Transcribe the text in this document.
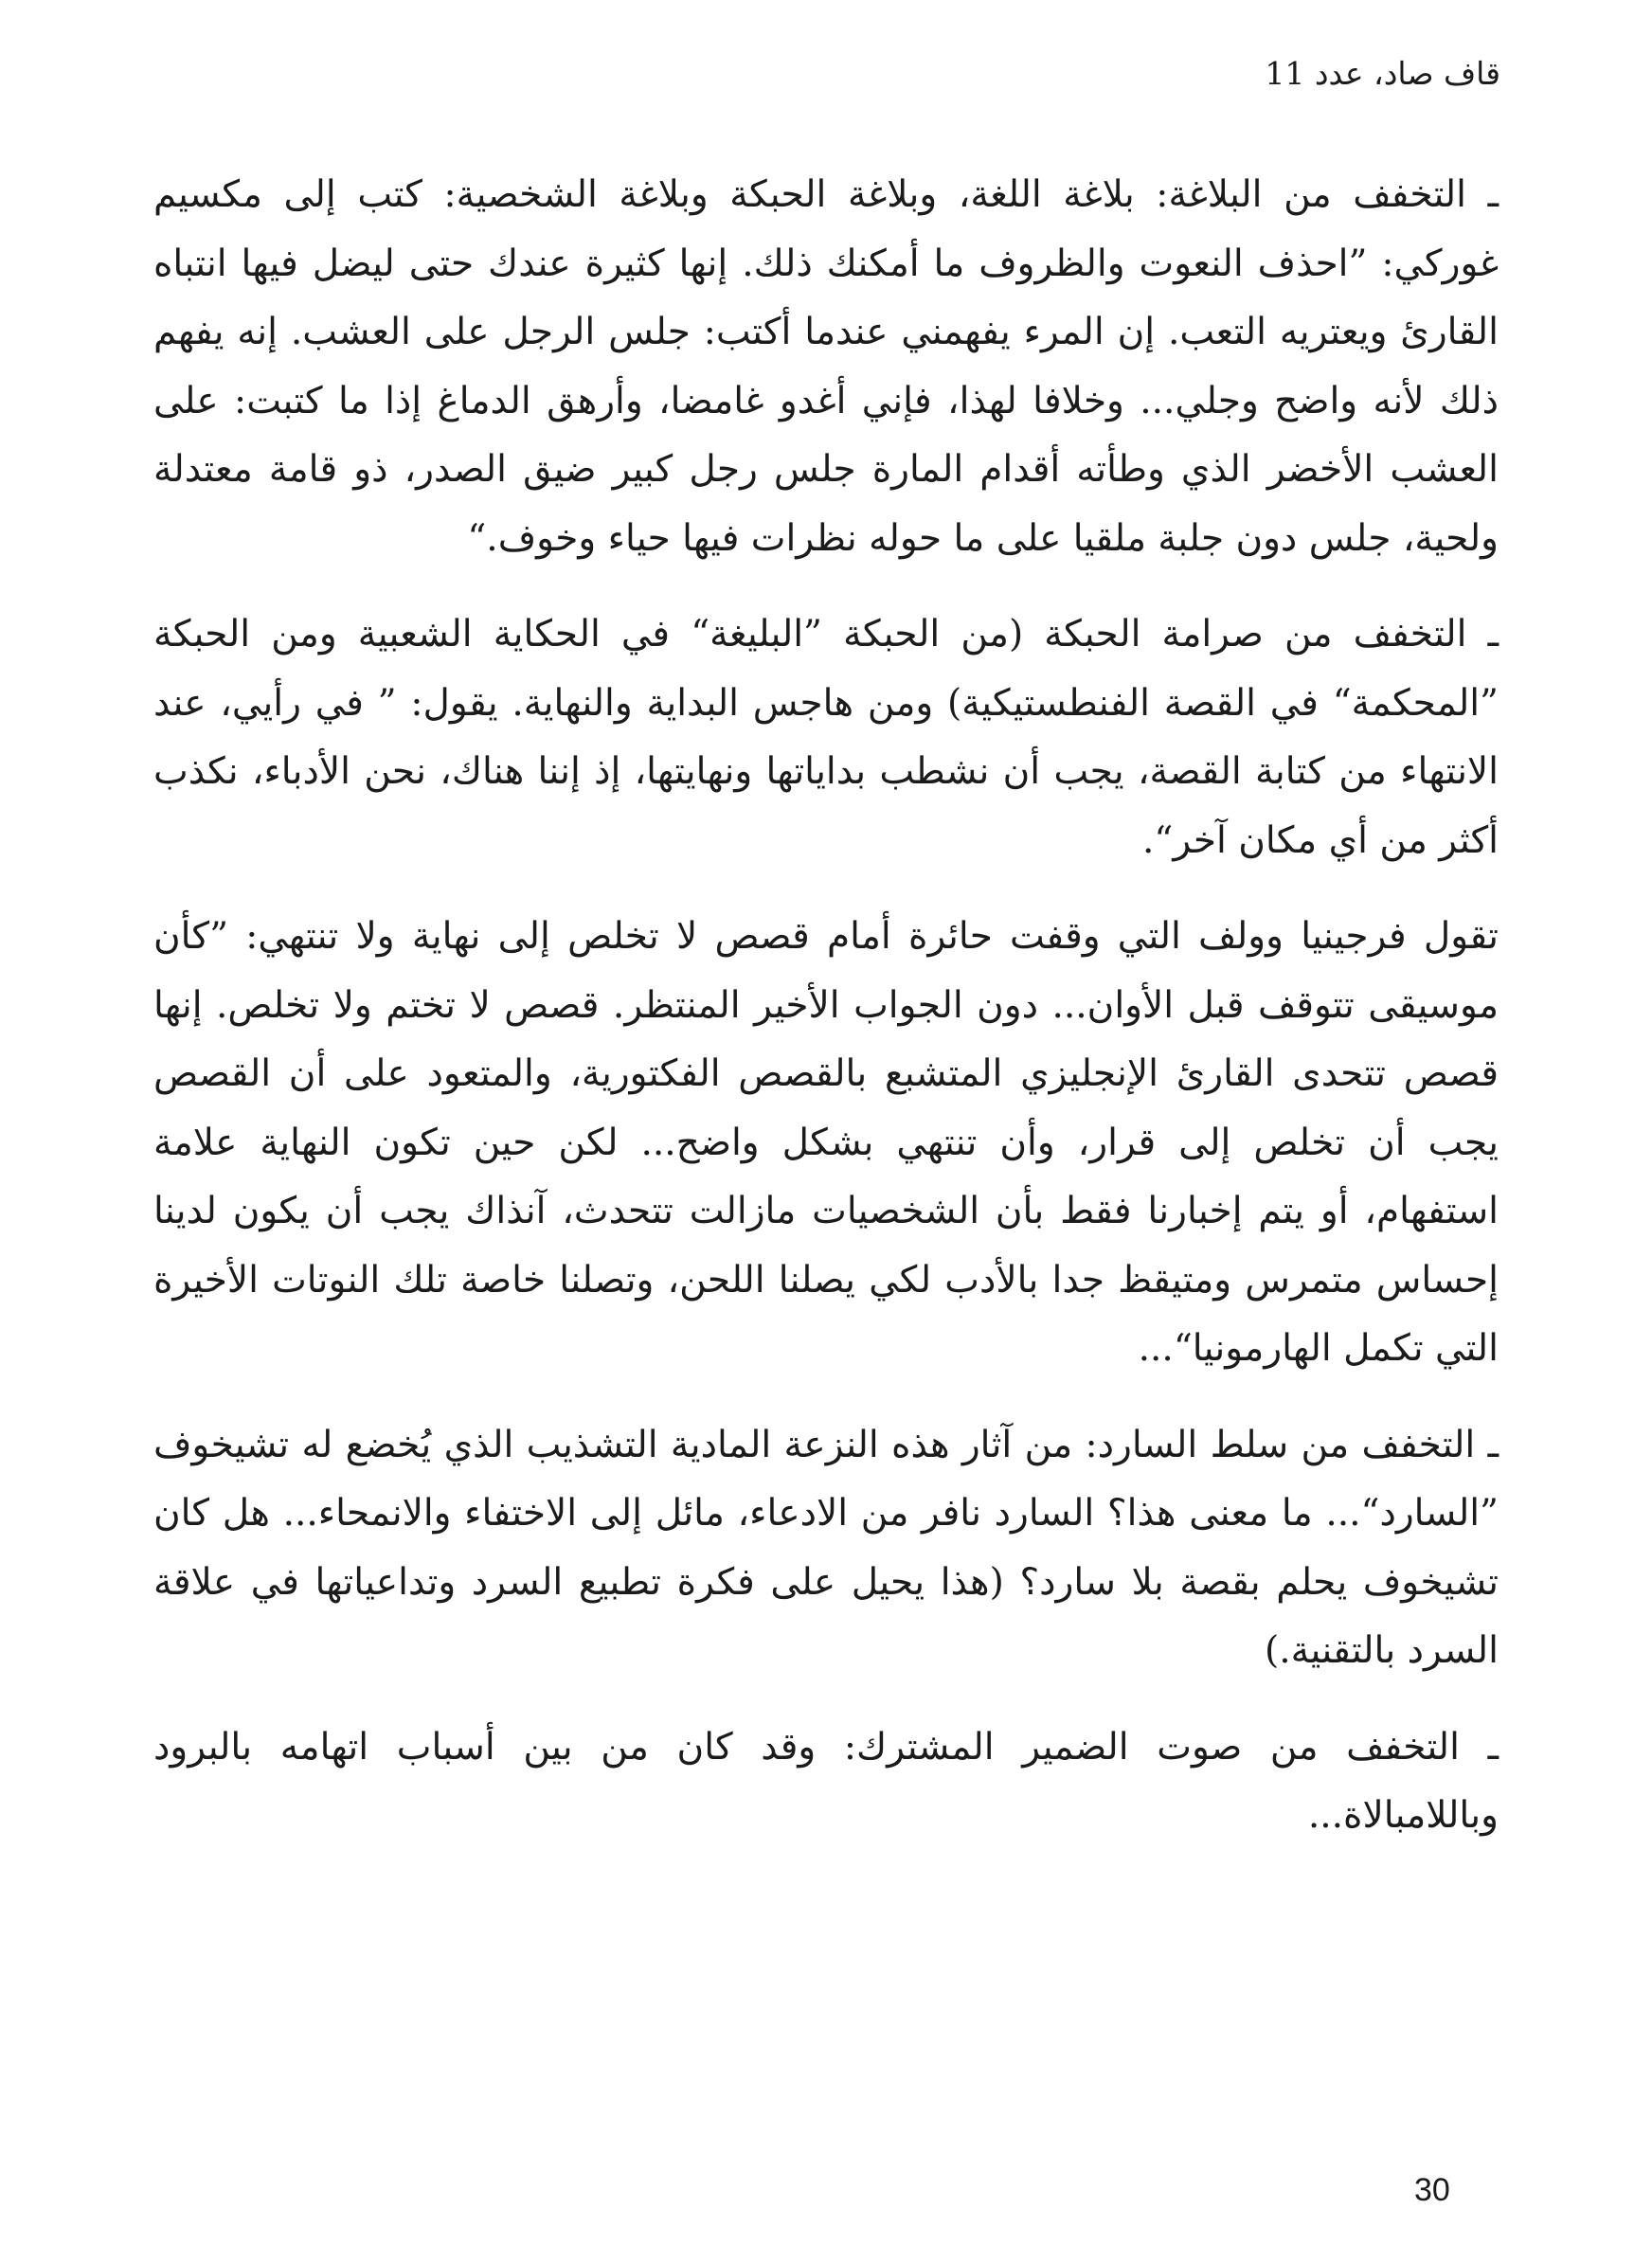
قاف صاد، عدد 11

ـ التخفف من البلاغة: بلاغة اللغة، وبلاغة الحبكة وبلاغة الشخصية: كتب إلى مكسيم غوركي: ”احذف النعوت والظروف ما أمكنك ذلك. إنها كثيرة عندك حتى ليضل فيها انتباه القارئ ويعتريه التعب. إن المرء يفهمني عندما أكتب: جلس الرجل على العشب. إنه يفهم ذلك لأنه واضح وجلي... وخلافا لهذا، فإني أغدو غامضا، وأرهق الدماغ إذا ما كتبت: على العشب الأخضر الذي وطأته أقدام المارة جلس رجل كبير ضيق الصدر، ذو قامة معتدلة ولحية، جلس دون جلبة ملقيا على ما حوله نظرات فيها حياء وخوف.“

ـ التخفف من صرامة الحبكة (من الحبكة ”البليغة“ في الحكاية الشعبية ومن الحبكة ”المحكمة“ في القصة الفنطستيكية) ومن هاجس البداية والنهاية. يقول: ” في رأيي، عند الانتهاء من كتابة القصة، يجب أن نشطب بداياتها ونهايتها، إذ إننا هناك، نحن الأدباء، نكذب أكثر من أي مكان آخر“.

تقول فرجينيا وولف التي وقفت حائرة أمام قصص لا تخلص إلى نهاية ولا تنتهي: ”كأن موسيقى تتوقف قبل الأوان... دون الجواب الأخير المنتظر. قصص لا تختم ولا تخلص. إنها قصص تتحدى القارئ الإنجليزي المتشبع بالقصص الفكتورية، والمتعود على أن القصص يجب أن تخلص إلى قرار، وأن تنتهي بشكل واضح... لكن حين تكون النهاية علامة استفهام، أو يتم إخبارنا فقط بأن الشخصيات مازالت تتحدث، آنذاك يجب أن يكون لدينا إحساس متمرس ومتيقظ جدا بالأدب لكي يصلنا اللحن، وتصلنا خاصة تلك النوتات الأخيرة التي تكمل الهارمونيا“...

ـ التخفف من سلط السارد: من آثار هذه النزعة المادية التشذيب الذي يُخضع له تشيخوف ”السارد“... ما معنى هذا؟ السارد نافر من الادعاء، مائل إلى الاختفاء والانمحاء... هل كان تشيخوف يحلم بقصة بلا سارد؟ (هذا يحيل على فكرة تطبيع السرد وتداعياتها في علاقة السرد بالتقنية.)

ـ التخفف من صوت الضمير المشترك: وقد كان من بين أسباب اتهامه بالبرود وباللامبالاة...

30
